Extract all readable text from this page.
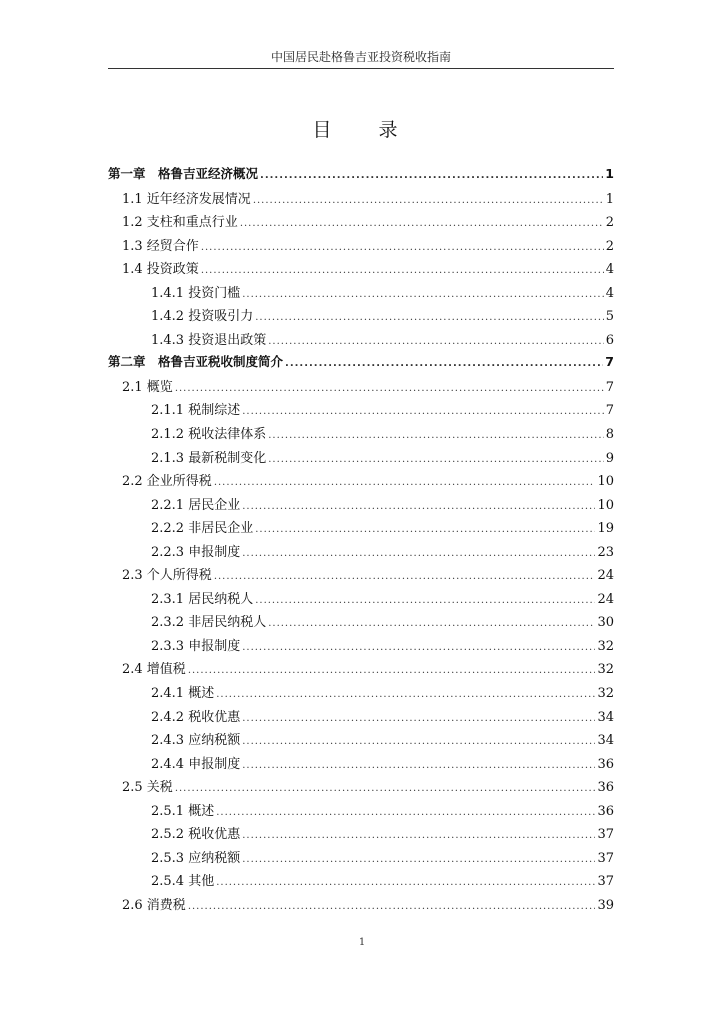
中国居民赴格鲁吉亚投资税收指南
目　录
第一章　格鲁吉亚经济概况 .....	1
1.1 近年经济发展情况 .....	1
1.2 支柱和重点行业 .....	2
1.3 经贸合作 .....	2
1.4 投资政策 .....	4
1.4.1 投资门槛 .....	4
1.4.2 投资吸引力 .....	5
1.4.3 投资退出政策 .....	6
第二章　格鲁吉亚税收制度简介 .....	7
2.1 概览 .....	7
2.1.1 税制综述 .....	7
2.1.2 税收法律体系 .....	8
2.1.3 最新税制变化 .....	9
2.2 企业所得税 .....	10
2.2.1 居民企业 .....	10
2.2.2 非居民企业 .....	19
2.2.3 申报制度 .....	23
2.3 个人所得税 .....	24
2.3.1 居民纳税人 .....	24
2.3.2 非居民纳税人 .....	30
2.3.3 申报制度 .....	32
2.4 增值税 .....	32
2.4.1 概述 .....	32
2.4.2 税收优惠 .....	34
2.4.3 应纳税额 .....	34
2.4.4 申报制度 .....	36
2.5 关税 .....	36
2.5.1 概述 .....	36
2.5.2 税收优惠 .....	37
2.5.3 应纳税额 .....	37
2.5.4 其他 .....	37
2.6 消费税 .....	39
1
